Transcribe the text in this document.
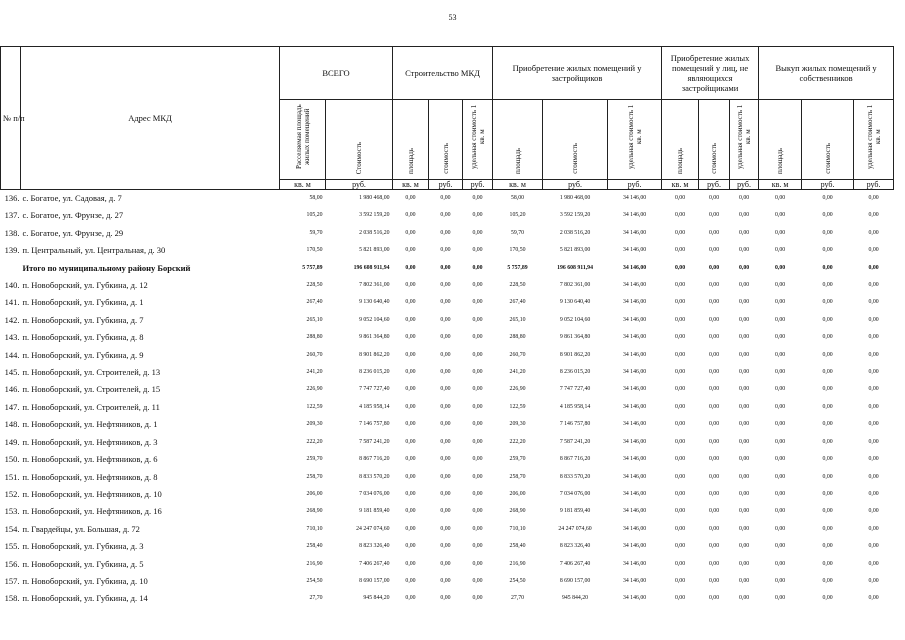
53
№ п/п	Адрес МКД	ВСЕГО		Строительство МКД			Приобретение жилых помещений у застройщиков			Приобретение жилых помещений у лиц, не являющихся застройщиками			Выкуп жилых помещений у собственников		
		Расселяемая площадь жилых помещений	Стоимость	площадь	стоимость	удельная стоимость 1 кв. м	площадь	стоимость	удельная стоимость 1 кв. м	площадь	стоимость	удельная стоимость 1 кв. м	площадь	стоимость	удельная стоимость 1 кв. м
		кв. м	руб.	кв. м	руб.	руб.	кв. м	руб.	руб.	кв. м	руб.	руб.	кв. м	руб.	руб.
136.	с. Богатое, ул. Садовая, д. 7	58,00	1 980 468,00	0,00	0,00	0,00	58,00	1 980 468,00	34 146,00	0,00	0,00	0,00	0,00	0,00	0,00
137.	с. Богатое, ул. Фрунзе, д. 27	105,20	3 592 159,20	0,00	0,00	0,00	105,20	3 592 159,20	34 146,00	0,00	0,00	0,00	0,00	0,00	0,00
138.	с. Богатое, ул. Фрунзе, д. 29	59,70	2 038 516,20	0,00	0,00	0,00	59,70	2 038 516,20	34 146,00	0,00	0,00	0,00	0,00	0,00	0,00
139.	п. Центральный, ул. Центральная, д. 30	170,50	5 821 893,00	0,00	0,00	0,00	170,50	5 821 893,00	34 146,00	0,00	0,00	0,00	0,00	0,00	0,00
	Итого по муниципальному району Борский	5 757,89	196 608 911,94	0,00	0,00	0,00	5 757,89	196 608 911,94	34 146,00	0,00	0,00	0,00	0,00	0,00	0,00
140.	п. Новоборский, ул. Губкина, д. 12	228,50	7 802 361,00	0,00	0,00	0,00	228,50	7 802 361,00	34 146,00	0,00	0,00	0,00	0,00	0,00	0,00
141.	п. Новоборский, ул. Губкина, д. 1	267,40	9 130 640,40	0,00	0,00	0,00	267,40	9 130 640,40	34 146,00	0,00	0,00	0,00	0,00	0,00	0,00
142.	п. Новоборский, ул. Губкина, д. 7	265,10	9 052 104,60	0,00	0,00	0,00	265,10	9 052 104,60	34 146,00	0,00	0,00	0,00	0,00	0,00	0,00
143.	п. Новоборский, ул. Губкина, д. 8	288,80	9 861 364,80	0,00	0,00	0,00	288,80	9 861 364,80	34 146,00	0,00	0,00	0,00	0,00	0,00	0,00
144.	п. Новоборский, ул. Губкина, д. 9	260,70	8 901 862,20	0,00	0,00	0,00	260,70	8 901 862,20	34 146,00	0,00	0,00	0,00	0,00	0,00	0,00
145.	п. Новоборский, ул. Строителей, д. 13	241,20	8 236 015,20	0,00	0,00	0,00	241,20	8 236 015,20	34 146,00	0,00	0,00	0,00	0,00	0,00	0,00
146.	п. Новоборский, ул. Строителей, д. 15	226,90	7 747 727,40	0,00	0,00	0,00	226,90	7 747 727,40	34 146,00	0,00	0,00	0,00	0,00	0,00	0,00
147.	п. Новоборский, ул. Строителей, д. 11	122,59	4 185 958,14	0,00	0,00	0,00	122,59	4 185 958,14	34 146,00	0,00	0,00	0,00	0,00	0,00	0,00
148.	п. Новоборский, ул. Нефтяников, д. 1	209,30	7 146 757,80	0,00	0,00	0,00	209,30	7 146 757,80	34 146,00	0,00	0,00	0,00	0,00	0,00	0,00
149.	п. Новоборский, ул. Нефтяников, д. 3	222,20	7 587 241,20	0,00	0,00	0,00	222,20	7 587 241,20	34 146,00	0,00	0,00	0,00	0,00	0,00	0,00
150.	п. Новоборский, ул. Нефтяников, д. 6	259,70	8 867 716,20	0,00	0,00	0,00	259,70	8 867 716,20	34 146,00	0,00	0,00	0,00	0,00	0,00	0,00
151.	п. Новоборский, ул. Нефтяников, д. 8	258,70	8 833 570,20	0,00	0,00	0,00	258,70	8 833 570,20	34 146,00	0,00	0,00	0,00	0,00	0,00	0,00
152.	п. Новоборский, ул. Нефтяников, д. 10	206,00	7 034 076,00	0,00	0,00	0,00	206,00	7 034 076,00	34 146,00	0,00	0,00	0,00	0,00	0,00	0,00
153.	п. Новоборский, ул. Нефтяников, д. 16	268,90	9 181 859,40	0,00	0,00	0,00	268,90	9 181 859,40	34 146,00	0,00	0,00	0,00	0,00	0,00	0,00
154.	п. Гвардейцы, ул. Большая, д. 72	710,10	24 247 074,60	0,00	0,00	0,00	710,10	24 247 074,60	34 146,00	0,00	0,00	0,00	0,00	0,00	0,00
155.	п. Новоборский, ул. Губкина, д. 3	258,40	8 823 326,40	0,00	0,00	0,00	258,40	8 823 326,40	34 146,00	0,00	0,00	0,00	0,00	0,00	0,00
156.	п. Новоборский, ул. Губкина, д. 5	216,90	7 406 267,40	0,00	0,00	0,00	216,90	7 406 267,40	34 146,00	0,00	0,00	0,00	0,00	0,00	0,00
157.	п. Новоборский, ул. Губкина, д. 10	254,50	8 690 157,00	0,00	0,00	0,00	254,50	8 690 157,00	34 146,00	0,00	0,00	0,00	0,00	0,00	0,00
158.	п. Новоборский, ул. Губкина, д. 14	27,70	945 844,20	0,00	0,00	0,00	27,70	945 844,20	34 146,00	0,00	0,00	0,00	0,00	0,00	0,00
